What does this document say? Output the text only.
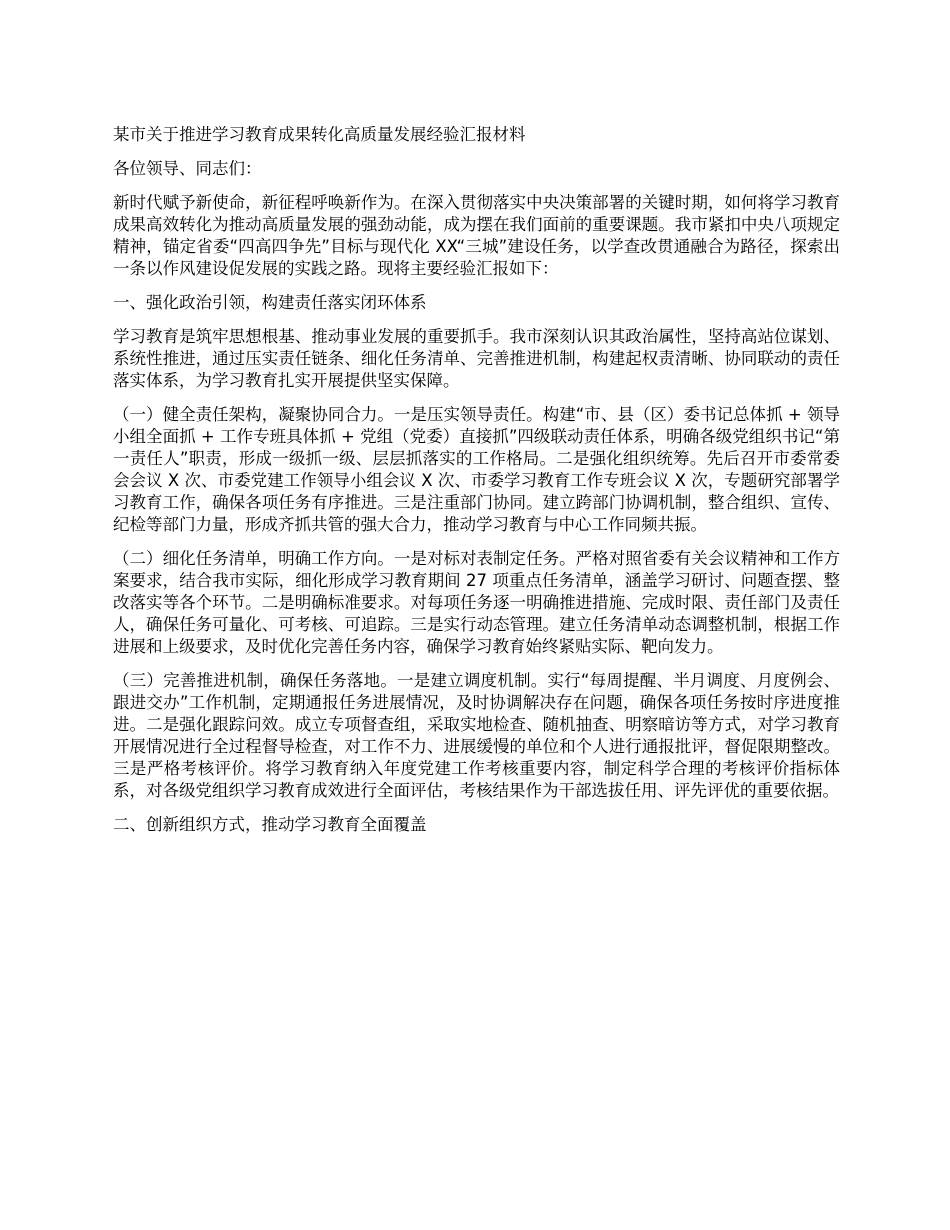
某市关于推进学习教育成果转化高质量发展经验汇报材料

各位领导、同志们：

新时代赋予新使命，新征程呼唤新作为。在深入贯彻落实中央决策部署的关键时期，如何将学习教育成果高效转化为推动高质量发展的强劲动能，成为摆在我们面前的重要课题。我市紧扣中央八项规定精神，锚定省委“四高四争先”目标与现代化 XX“三城”建设任务，以学查改贯通融合为路径，探索出一条以作风建设促发展的实践之路。现将主要经验汇报如下：

一、强化政治引领，构建责任落实闭环体系

学习教育是筑牢思想根基、推动事业发展的重要抓手。我市深刻认识其政治属性，坚持高站位谋划、系统性推进，通过压实责任链条、细化任务清单、完善推进机制，构建起权责清晰、协同联动的责任落实体系，为学习教育扎实开展提供坚实保障。

（一）健全责任架构，凝聚协同合力。一是压实领导责任。构建“市、县（区）委书记总体抓 + 领导小组全面抓 + 工作专班具体抓 + 党组（党委）直接抓”四级联动责任体系，明确各级党组织书记“第一责任人”职责，形成一级抓一级、层层抓落实的工作格局。二是强化组织统筹。先后召开市委常委会会议 X 次、市委党建工作领导小组会议 X 次、市委学习教育工作专班会议 X 次，专题研究部署学习教育工作，确保各项任务有序推进。三是注重部门协同。建立跨部门协调机制，整合组织、宣传、纪检等部门力量，形成齐抓共管的强大合力，推动学习教育与中心工作同频共振。

（二）细化任务清单，明确工作方向。一是对标对表制定任务。严格对照省委有关会议精神和工作方案要求，结合我市实际，细化形成学习教育期间 27 项重点任务清单，涵盖学习研讨、问题查摆、整改落实等各个环节。二是明确标准要求。对每项任务逐一明确推进措施、完成时限、责任部门及责任人，确保任务可量化、可考核、可追踪。三是实行动态管理。建立任务清单动态调整机制，根据工作进展和上级要求，及时优化完善任务内容，确保学习教育始终紧贴实际、靶向发力。

（三）完善推进机制，确保任务落地。一是建立调度机制。实行“每周提醒、半月调度、月度例会、跟进交办”工作机制，定期通报任务进展情况，及时协调解决存在问题，确保各项任务按时序进度推进。二是强化跟踪问效。成立专项督查组，采取实地检查、随机抽查、明察暗访等方式，对学习教育开展情况进行全过程督导检查，对工作不力、进展缓慢的单位和个人进行通报批评，督促限期整改。三是严格考核评价。将学习教育纳入年度党建工作考核重要内容，制定科学合理的考核评价指标体系，对各级党组织学习教育成效进行全面评估，考核结果作为干部选拔任用、评先评优的重要依据。

二、创新组织方式，推动学习教育全面覆盖
